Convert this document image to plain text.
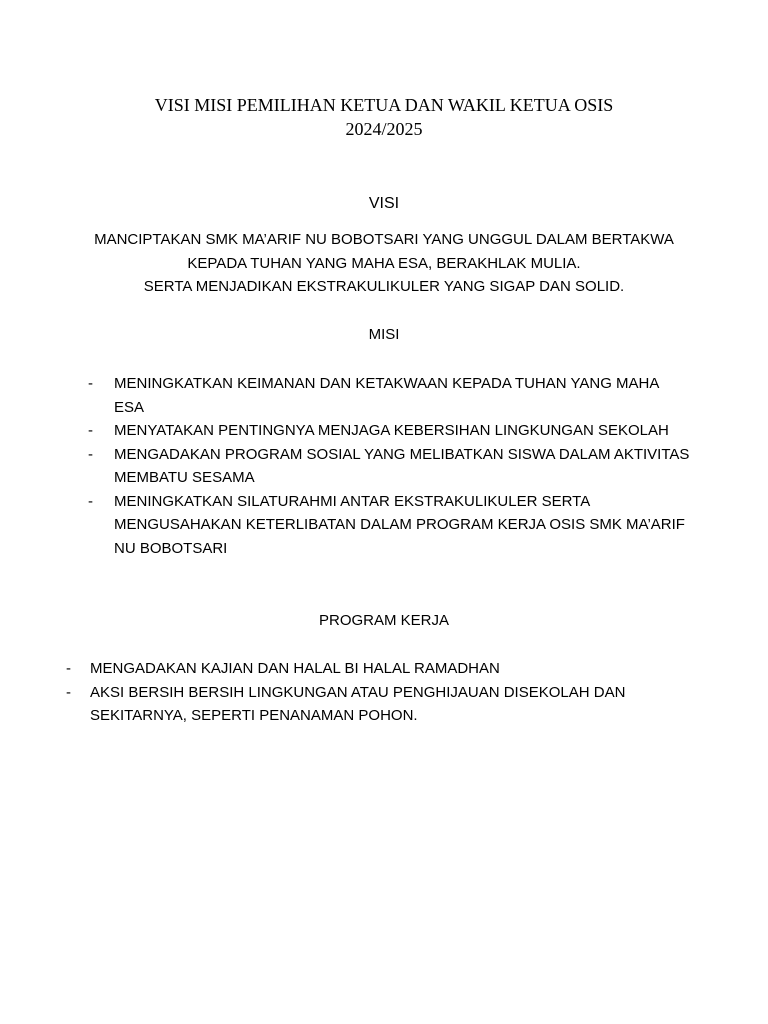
VISI MISI PEMILIHAN KETUA DAN WAKIL KETUA OSIS
2024/2025
VISI
MANCIPTAKAN SMK MA’ARIF NU BOBOTSARI YANG UNGGUL DALAM BERTAKWA
KEPADA TUHAN YANG MAHA ESA, BERAKHLAK MULIA.
SERTA MENJADIKAN EKSTRAKULIKULER YANG SIGAP DAN SOLID.
MISI
- MENINGKATKAN KEIMANAN DAN KETAKWAAN KEPADA TUHAN YANG MAHA
ESA
- MENYATAKAN PENTINGNYA MENJAGA KEBERSIHAN LINGKUNGAN SEKOLAH
- MENGADAKAN PROGRAM SOSIAL YANG MELIBATKAN SISWA DALAM AKTIVITAS
MEMBATU SESAMA
- MENINGKATKAN SILATURAHMI ANTAR EKSTRAKULIKULER SERTA
MENGUSAHAKAN KETERLIBATAN DALAM PROGRAM KERJA OSIS SMK MA’ARIF
NU BOBOTSARI
PROGRAM KERJA
- MENGADAKAN KAJIAN DAN HALAL BI HALAL RAMADHAN
- AKSI BERSIH BERSIH LINGKUNGAN ATAU PENGHIJAUAN DISEKOLAH DAN
SEKITARNYA, SEPERTI PENANAMAN POHON.
